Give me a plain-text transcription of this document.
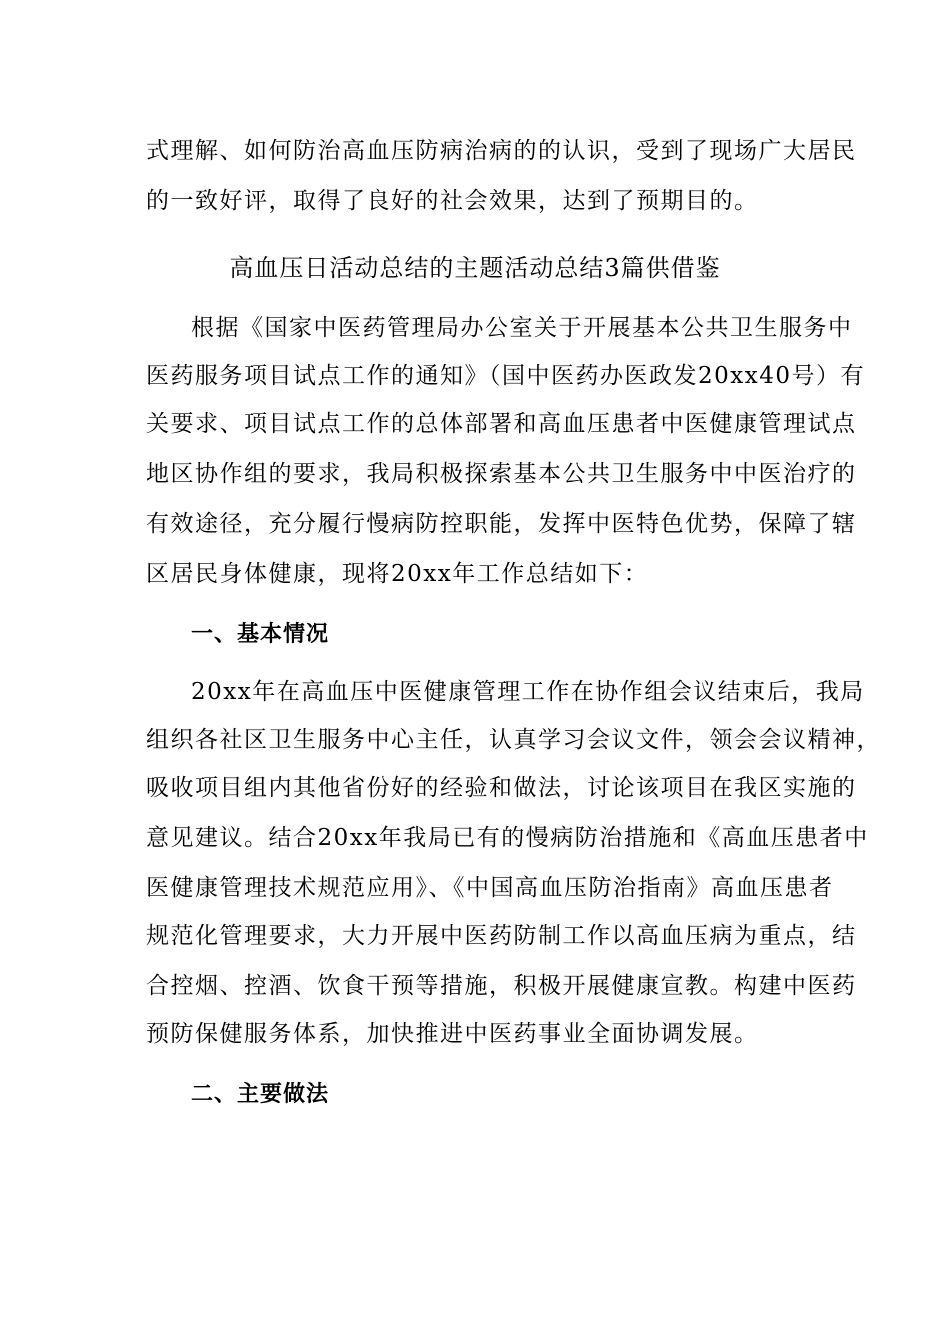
式理解、如何防治高血压防病治病的的认识，受到了现场广大居民
的一致好评，取得了良好的社会效果，达到了预期目的。
高血压日活动总结的主题活动总结3篇供借鉴
根据《国家中医药管理局办公室关于开展基本公共卫生服务中
医药服务项目试点工作的通知》（国中医药办医政发20xx40号）有
关要求、项目试点工作的总体部署和高血压患者中医健康管理试点
地区协作组的要求，我局积极探索基本公共卫生服务中中医治疗的
有效途径，充分履行慢病防控职能，发挥中医特色优势，保障了辖
区居民身体健康，现将20xx年工作总结如下：
一、基本情况
20xx年在高血压中医健康管理工作在协作组会议结束后，我局
组织各社区卫生服务中心主任，认真学习会议文件，领会会议精神，
吸收项目组内其他省份好的经验和做法，讨论该项目在我区实施的
意见建议。结合20xx年我局已有的慢病防治措施和《高血压患者中
医健康管理技术规范应用》、《中国高血压防治指南》高血压患者
规范化管理要求，大力开展中医药防制工作以高血压病为重点，结
合控烟、控酒、饮食干预等措施，积极开展健康宣教。构建中医药
预防保健服务体系，加快推进中医药事业全面协调发展。
二、主要做法
